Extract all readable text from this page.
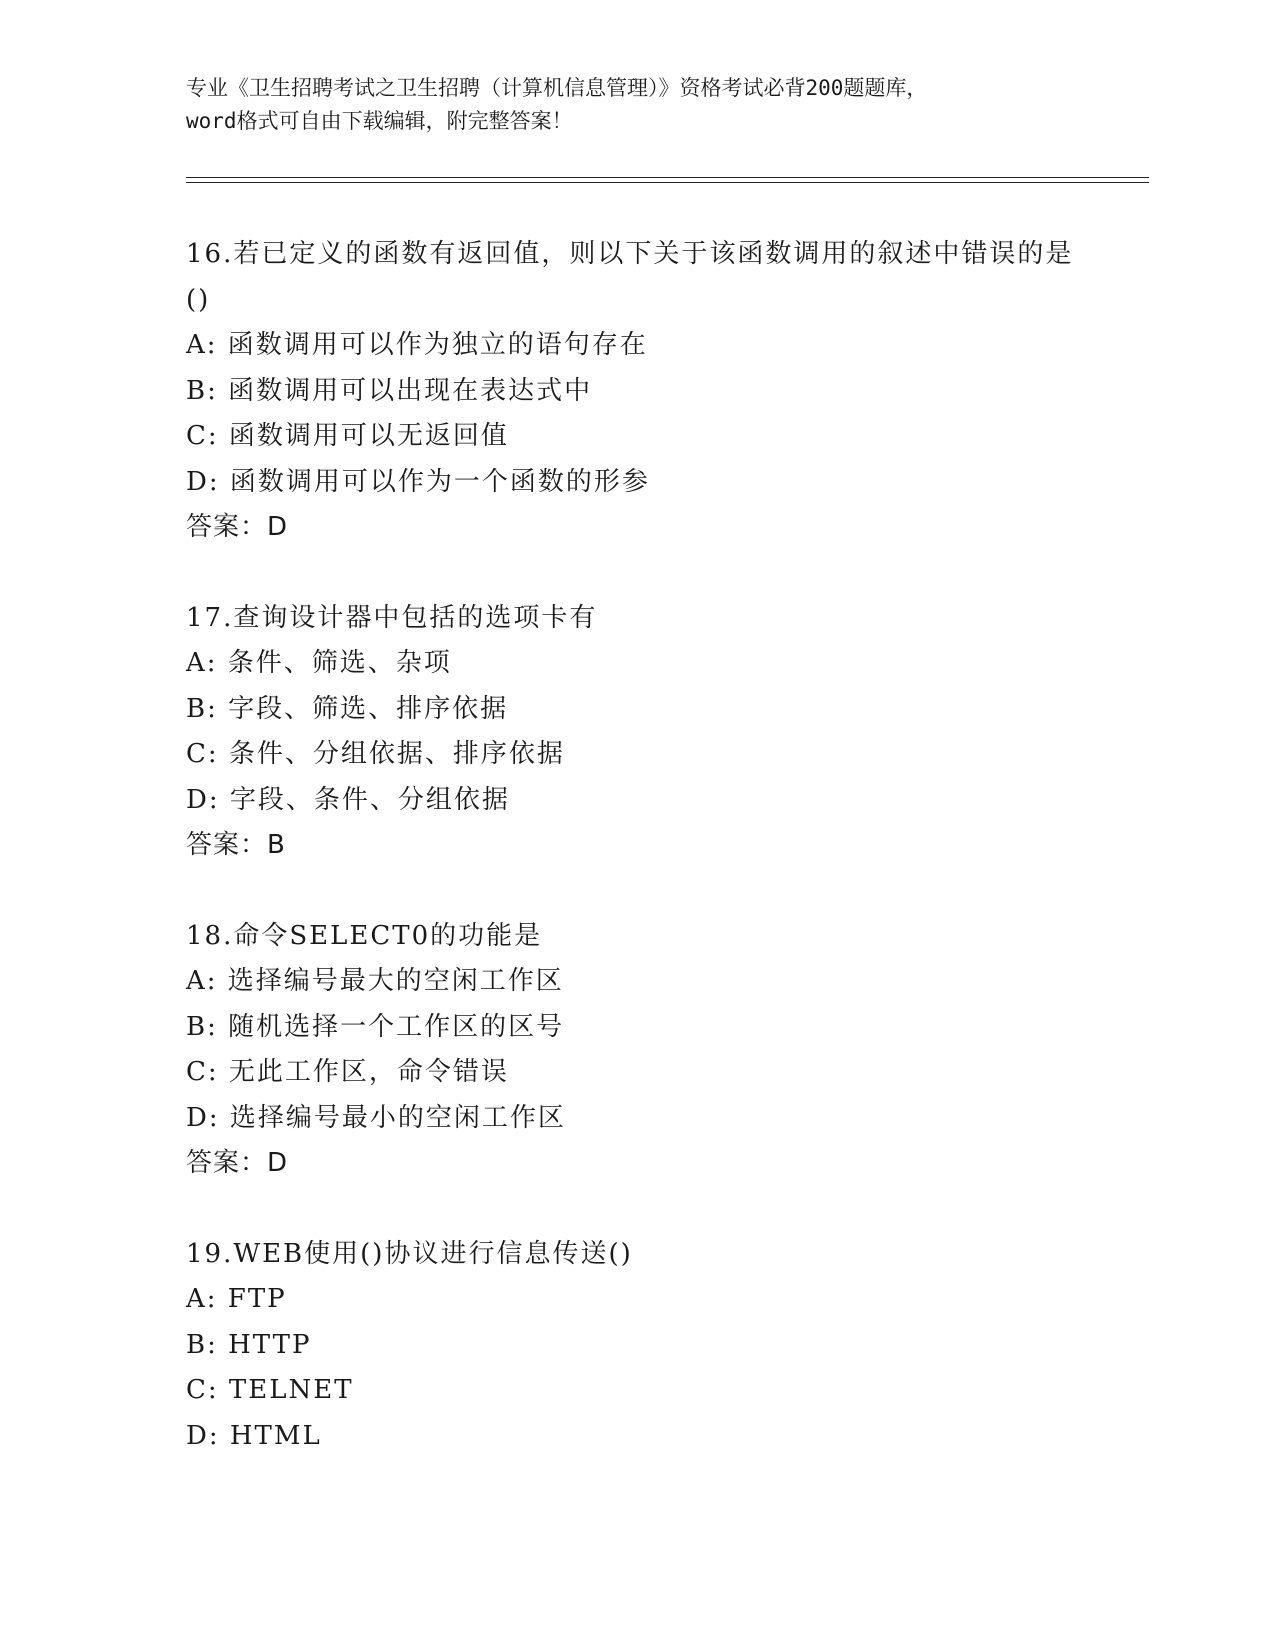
专业《卫生招聘考试之卫生招聘（计算机信息管理）》资格考试必背200题题库，
word格式可自由下载编辑，附完整答案！
16.若已定义的函数有返回值，则以下关于该函数调用的叙述中错误的是()
A: 函数调用可以作为独立的语句存在
B: 函数调用可以出现在表达式中
C: 函数调用可以无返回值
D: 函数调用可以作为一个函数的形参
答案：D
17.查询设计器中包括的选项卡有
A: 条件、筛选、杂项
B: 字段、筛选、排序依据
C: 条件、分组依据、排序依据
D: 字段、条件、分组依据
答案：B
18.命令SELECT0的功能是
A: 选择编号最大的空闲工作区
B: 随机选择一个工作区的区号
C: 无此工作区，命令错误
D: 选择编号最小的空闲工作区
答案：D
19.WEB使用()协议进行信息传送()
A: FTP
B: HTTP
C: TELNET
D: HTML
